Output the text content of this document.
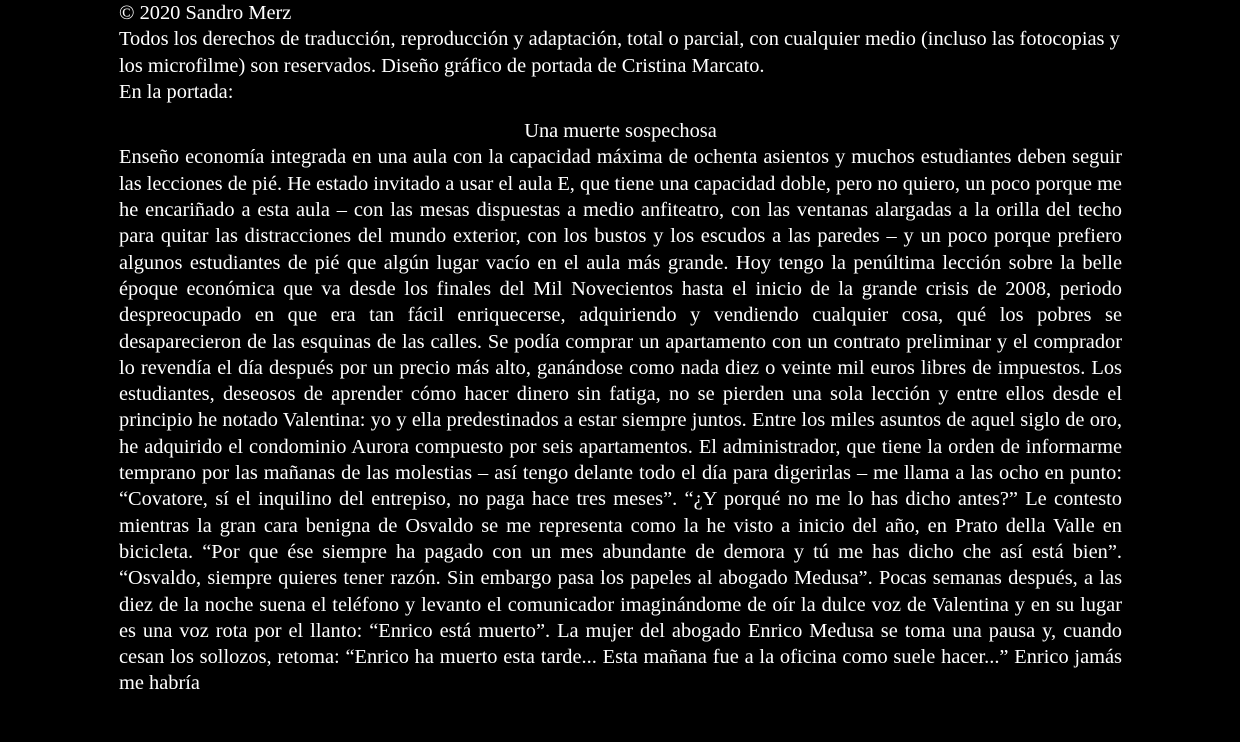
© 2020 Sandro Merz

Todos los derechos de traducción, reproducción y adaptación, total o parcial, con cualquier medio (incluso las fotocopias y los microfilme) son reservados. Diseño gráfico de portada de Cristina Marcato.

En la portada:

Una muerte sospechosa

Enseño economía integrada en una aula con la capacidad máxima de ochenta asientos y muchos estudiantes deben seguir las lecciones de pié. He estado invitado a usar el aula E, que tiene una capacidad doble, pero no quiero, un poco porque me he encariñado a esta aula – con las mesas dispuestas a medio anfiteatro, con las ventanas alargadas a la orilla del techo para quitar las distracciones del mundo exterior, con los bustos y los escudos a las paredes – y un poco porque prefiero algunos estudiantes de pié que algún lugar vacío en el aula más grande. Hoy tengo la penúltima lección sobre la belle époque económica que va desde los finales del Mil Novecientos hasta el inicio de la grande crisis de 2008, periodo despreocupado en que era tan fácil enriquecerse, adquiriendo y vendiendo cualquier cosa, qué los pobres se desaparecieron de las esquinas de las calles. Se podía comprar un apartamento con un contrato preliminar y el comprador lo revendía el día después por un precio más alto, ganándose como nada diez o veinte mil euros libres de impuestos. Los estudiantes, deseosos de aprender cómo hacer dinero sin fatiga, no se pierden una sola lección y entre ellos desde el principio he notado Valentina: yo y ella predestinados a estar siempre juntos. Entre los miles asuntos de aquel siglo de oro, he adquirido el condominio Aurora compuesto por seis apartamentos. El administrador, que tiene la orden de informarme temprano por las mañanas de las molestias – así tengo delante todo el día para digerirlas – me llama a las ocho en punto: “Covatore, sí el inquilino del entrepiso, no paga hace tres meses”. “¿Y porqué no me lo has dicho antes?” Le contesto mientras la gran cara benigna de Osvaldo se me representa como la he visto a inicio del año, en Prato della Valle en bicicleta. “Por que ése siempre ha pagado con un mes abundante de demora y tú me has dicho che así está bien”. “Osvaldo, siempre quieres tener razón. Sin embargo pasa los papeles al abogado Medusa”. Pocas semanas después, a las diez de la noche suena el teléfono y levanto el comunicador imaginándome de oír la dulce voz de Valentina y en su lugar es una voz rota por el llanto: “Enrico está muerto”. La mujer del abogado Enrico Medusa se toma una pausa y, cuando cesan los sollozos, retoma: “Enrico ha muerto esta tarde... Esta mañana fue a la oficina como suele hacer...” Enrico jamás me habría
